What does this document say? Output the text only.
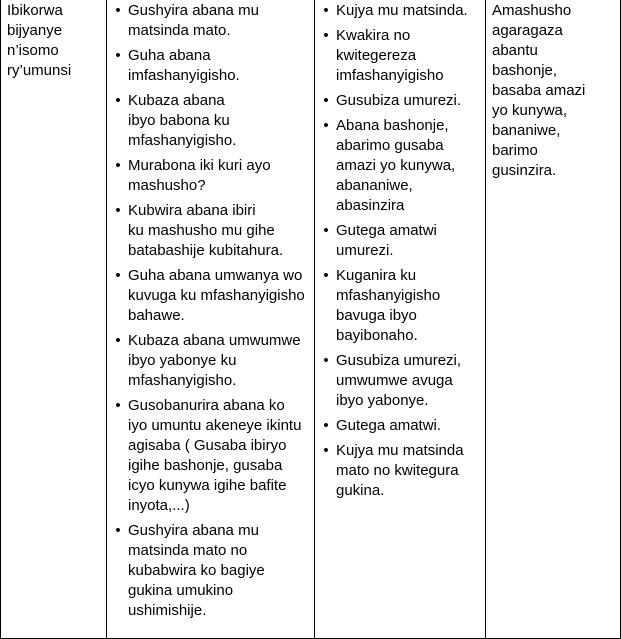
Ibikorwa
bijyanye
n’isomo
ry’umunsi
• Gushyira abana mu
matsinda mato.
• Guha abana
imfashanyigisho.
• Kubaza abana
ibyo babona ku
mfashanyigisho.
• Murabona iki kuri ayo
mashusho?
• Kubwira abana ibiri
ku mashusho mu gihe
batabashije kubitahura.
• Guha abana umwanya wo
kuvuga ku mfashanyigisho
bahawe.
• Kubaza abana umwumwe
ibyo yabonye ku
mfashanyigisho.
• Gusobanurira abana ko
iyo umuntu akeneye ikintu
agisaba ( Gusaba ibiryo
igihe bashonje, gusaba
icyo kunywa igihe bafite
inyota,...)
• Gushyira abana mu
matsinda mato no
kubabwira ko bagiye
gukina umukino
ushimishije.
• Kujya mu matsinda.
• Kwakira no
kwitegereza
imfashanyigisho
• Gusubiza umurezi.
• Abana bashonje,
abarimo gusaba
amazi yo kunywa,
abananiwe,
abasinzira
• Gutega amatwi
umurezi.
• Kuganira ku
mfashanyigisho
bavuga ibyo
bayibonaho.
• Gusubiza umurezi,
umwumwe avuga
ibyo yabonye.
• Gutega amatwi.
• Kujya mu matsinda
mato no kwitegura
gukina.
Amashusho
agaragaza
abantu
bashonje,
basaba amazi
yo kunywa,
bananiwe,
barimo
gusinzira.
